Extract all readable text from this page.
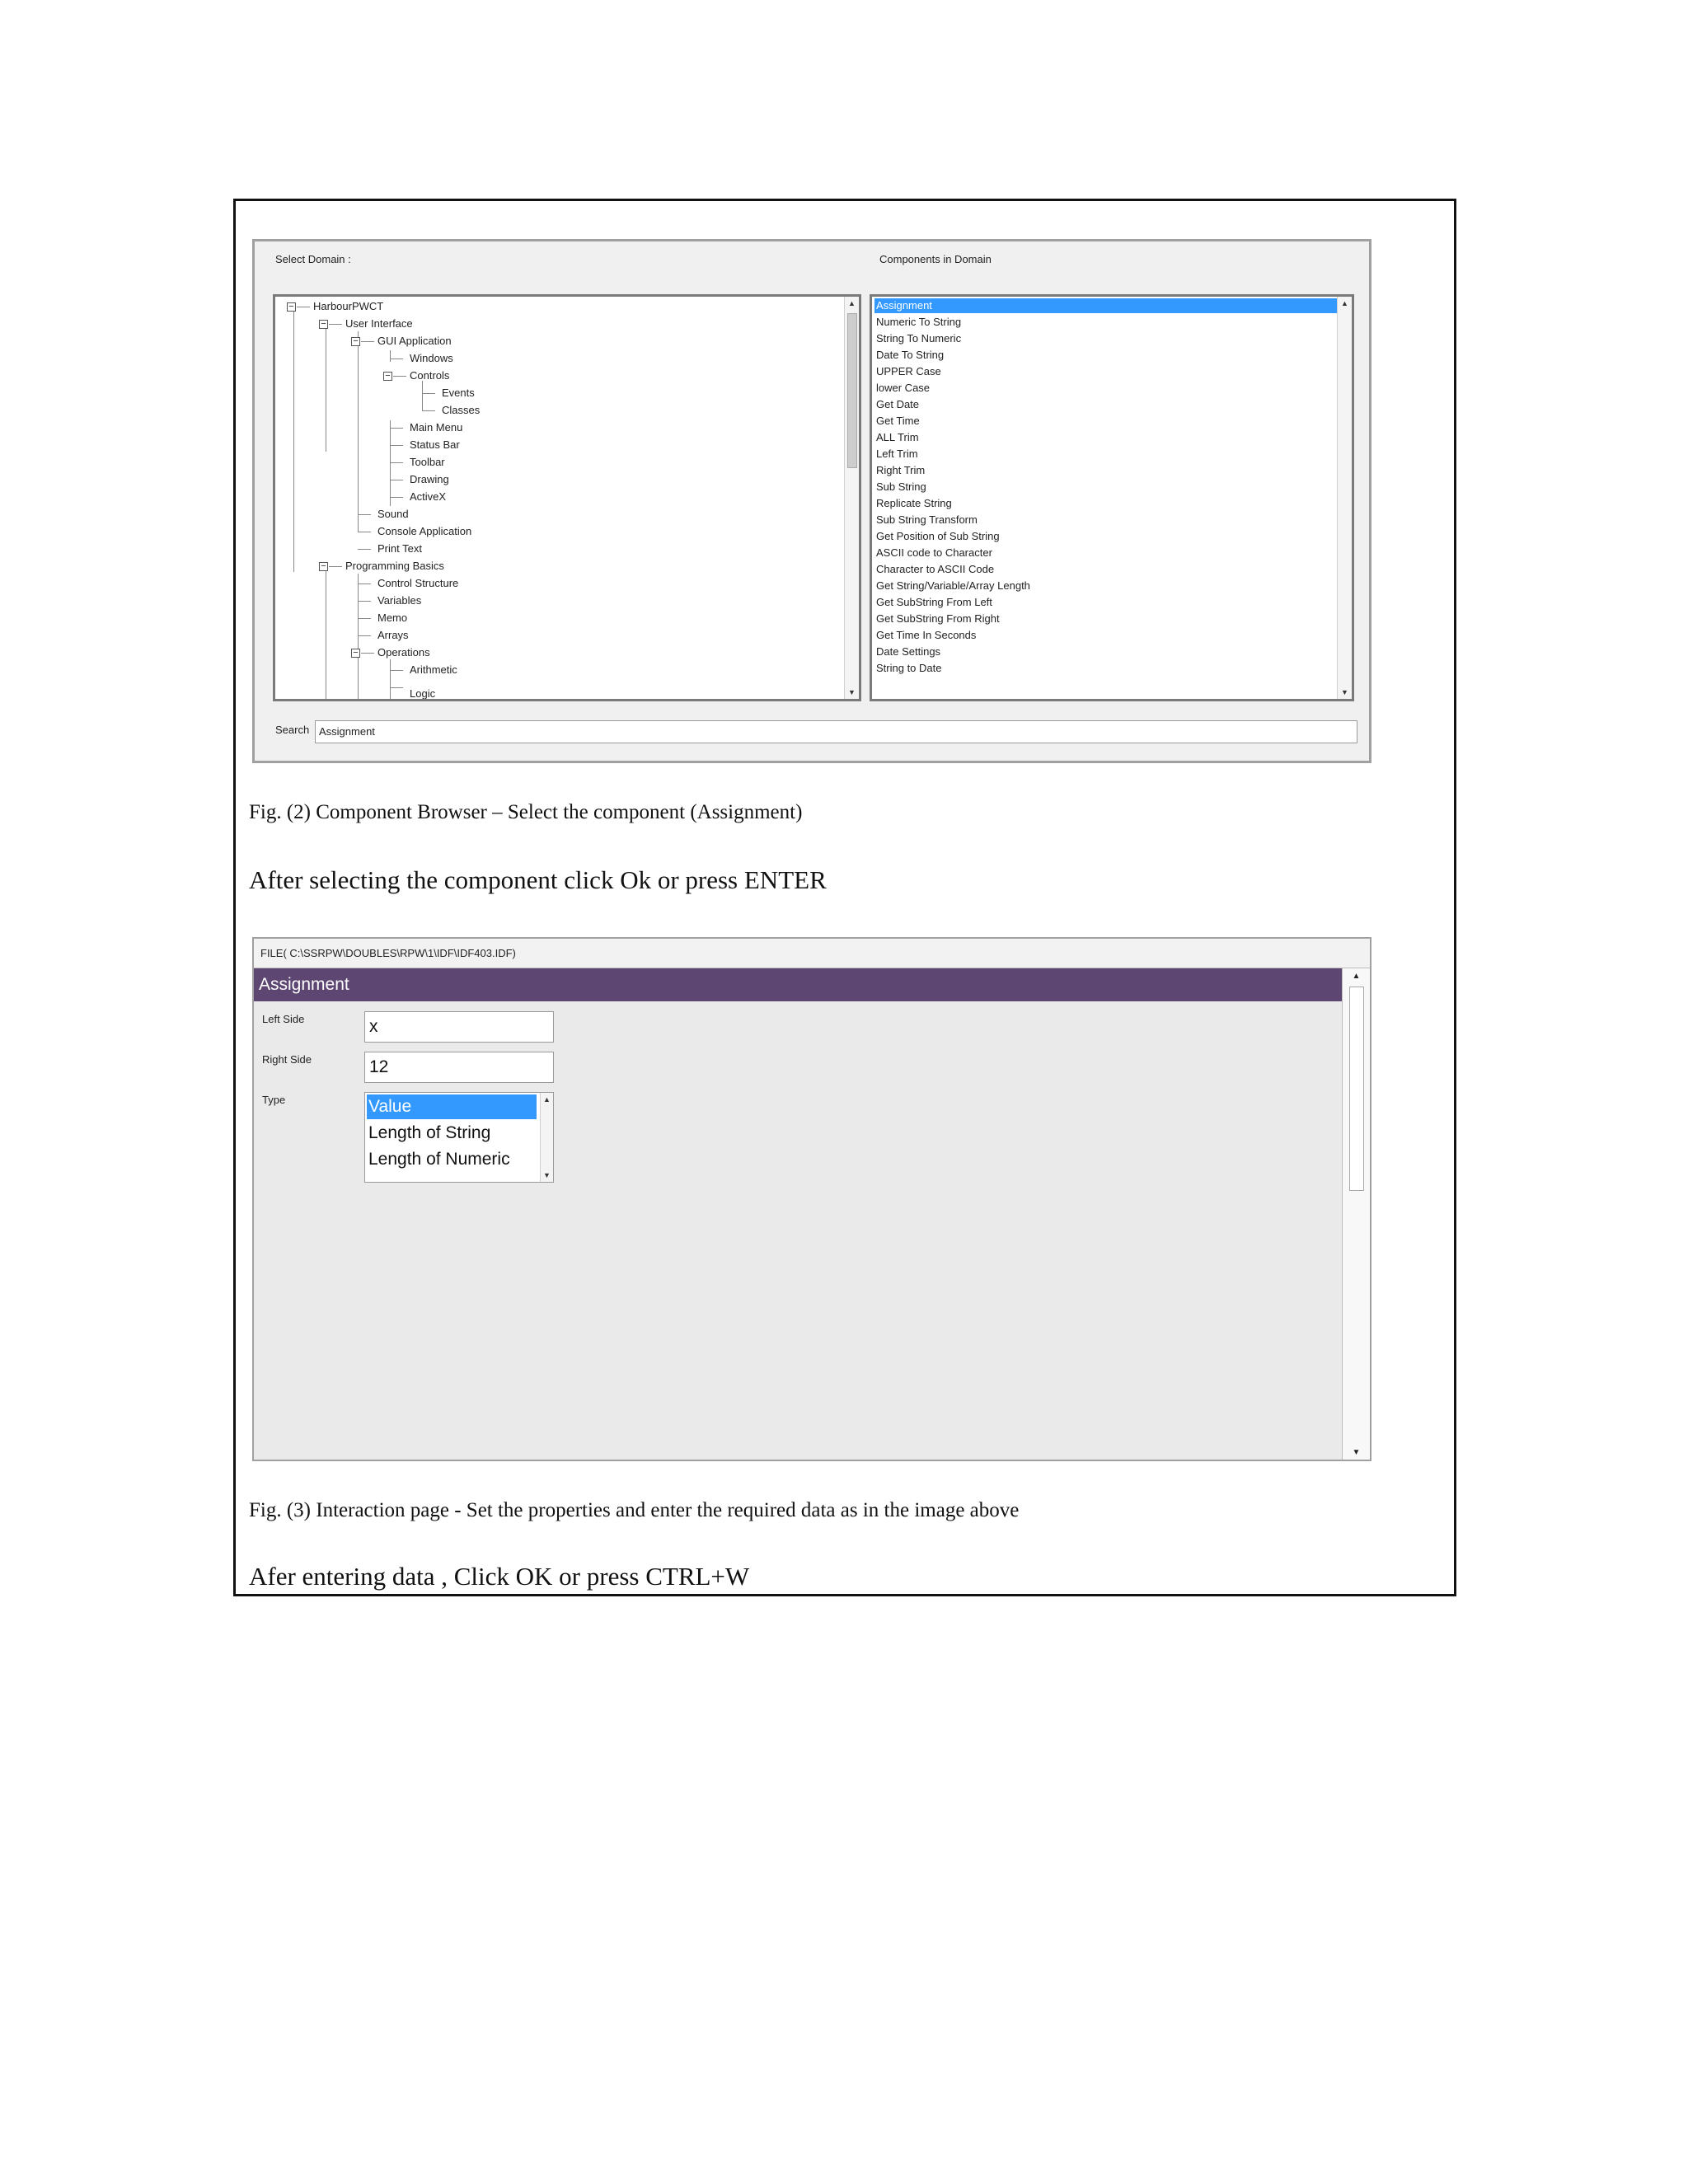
Select Domain :	Components in Domain
− HarbourPWCT
− User Interface
− GUI Application
Windows
− Controls
Events
Classes
Main Menu
Status Bar
Toolbar
Drawing
ActiveX
Sound
Console Application
Print Text
− Programming Basics
Control Structure
Variables
Memo
Arrays
− Operations
Arithmetic
Logic
▲
▼
Assignment
Numeric To String
String To Numeric
Date To String
UPPER Case
lower Case
Get Date
Get Time
ALL Trim
Left Trim
Right Trim
Sub String
Replicate String
Sub String Transform
Get Position of Sub String
ASCII code to Character
Character to ASCII Code
Get String/Variable/Array Length
Get SubString From Left
Get SubString From Right
Get Time In Seconds
Date Settings
String to Date
▲
▼
Search Assignment
Fig. (2) Component Browser – Select the component (Assignment)
After selecting the component click Ok or press ENTER
FILE( C:\SSRPW\DOUBLES\RPW\1\IDF\IDF403.IDF)
Assignment
Left Side	x
Right Side	12
Type	Value
Length of String
Length of Numeric
▲
▼
▲
▼
Fig. (3) Interaction page - Set the properties and enter the required data as in the image above
Afer entering data , Click OK or press CTRL+W
